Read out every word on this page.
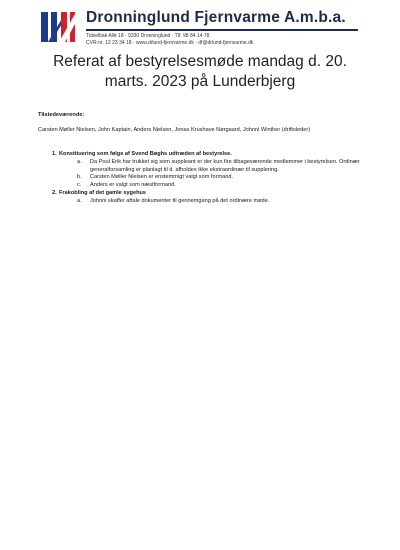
Dronninglund Fjernvarme A.m.b.a.
Tidselbak Allé 18 · 9330 Dronninglund · Tlf. 98 84 14 78
CVR-nr. 12 23 34 18 · www.drlund-fjernvarme.dk · df@drlund-fjernvarme.dk
Referat af bestyrelsesmøde mandag d. 20. marts. 2023 på Lunderbjerg
Tilstedeværende:
Carsten Møller Nielsen, John Kaptain, Anders Nielsen, Jonas Krushave Nørgaard, Johnni Winther (driftsleder)
1. Konstituering som følge af Svend Bøghs udtræden af bestyrelse.
a. Da Poul Erik har trukket sig som suppleant er der kun fire tilbageværende medlemmer i bestyrelsen. Ordinær generalforsamling er planlagt til d. afholdes ikke ekstraordinær til supplering.
b. Carsten Møller Nielsen er enstemmigt valgt som formand.
c. Anders er valgt som næstformand.
2. Frakobling af det gamle sygehus
a. Johnni skaffer aftale dokumenter til gennemgang på det ordinære møde.
